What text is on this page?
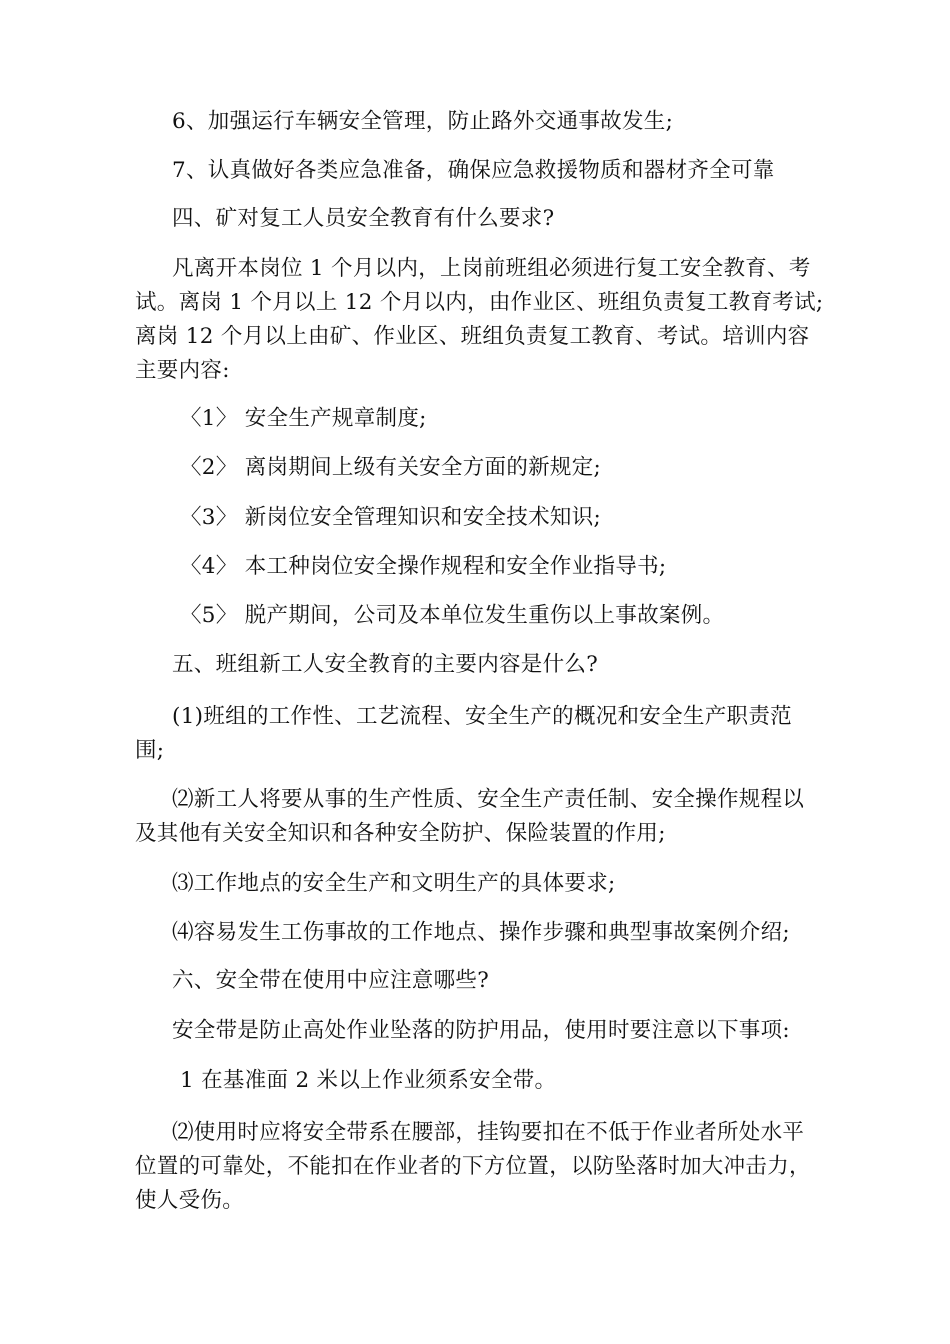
6、加强运行车辆安全管理，防止路外交通事故发生;
7、认真做好各类应急准备，确保应急救援物质和器材齐全可靠
四、矿对复工人员安全教育有什么要求?
凡离开本岗位 1 个月以内，上岗前班组必须进行复工安全教育、考
试。离岗 1 个月以上 12 个月以内，由作业区、班组负责复工教育考试;
离岗 12 个月以上由矿、作业区、班组负责复工教育、考试。培训内容
主要内容:
〈1〉 安全生产规章制度;
〈2〉 离岗期间上级有关安全方面的新规定;
〈3〉 新岗位安全管理知识和安全技术知识;
〈4〉 本工种岗位安全操作规程和安全作业指导书;
〈5〉 脱产期间，公司及本单位发生重伤以上事故案例。
五、班组新工人安全教育的主要内容是什么?
(1)班组的工作性、工艺流程、安全生产的概况和安全生产职责范
围;
⑵新工人将要从事的生产性质、安全生产责任制、安全操作规程以
及其他有关安全知识和各种安全防护、保险装置的作用;
⑶工作地点的安全生产和文明生产的具体要求;
⑷容易发生工伤事故的工作地点、操作步骤和典型事故案例介绍;
六、安全带在使用中应注意哪些?
安全带是防止高处作业坠落的防护用品，使用时要注意以下事项:
1 在基准面 2 米以上作业须系安全带。
⑵使用时应将安全带系在腰部，挂钩要扣在不低于作业者所处水平
位置的可靠处，不能扣在作业者的下方位置，以防坠落时加大冲击力，
使人受伤。
